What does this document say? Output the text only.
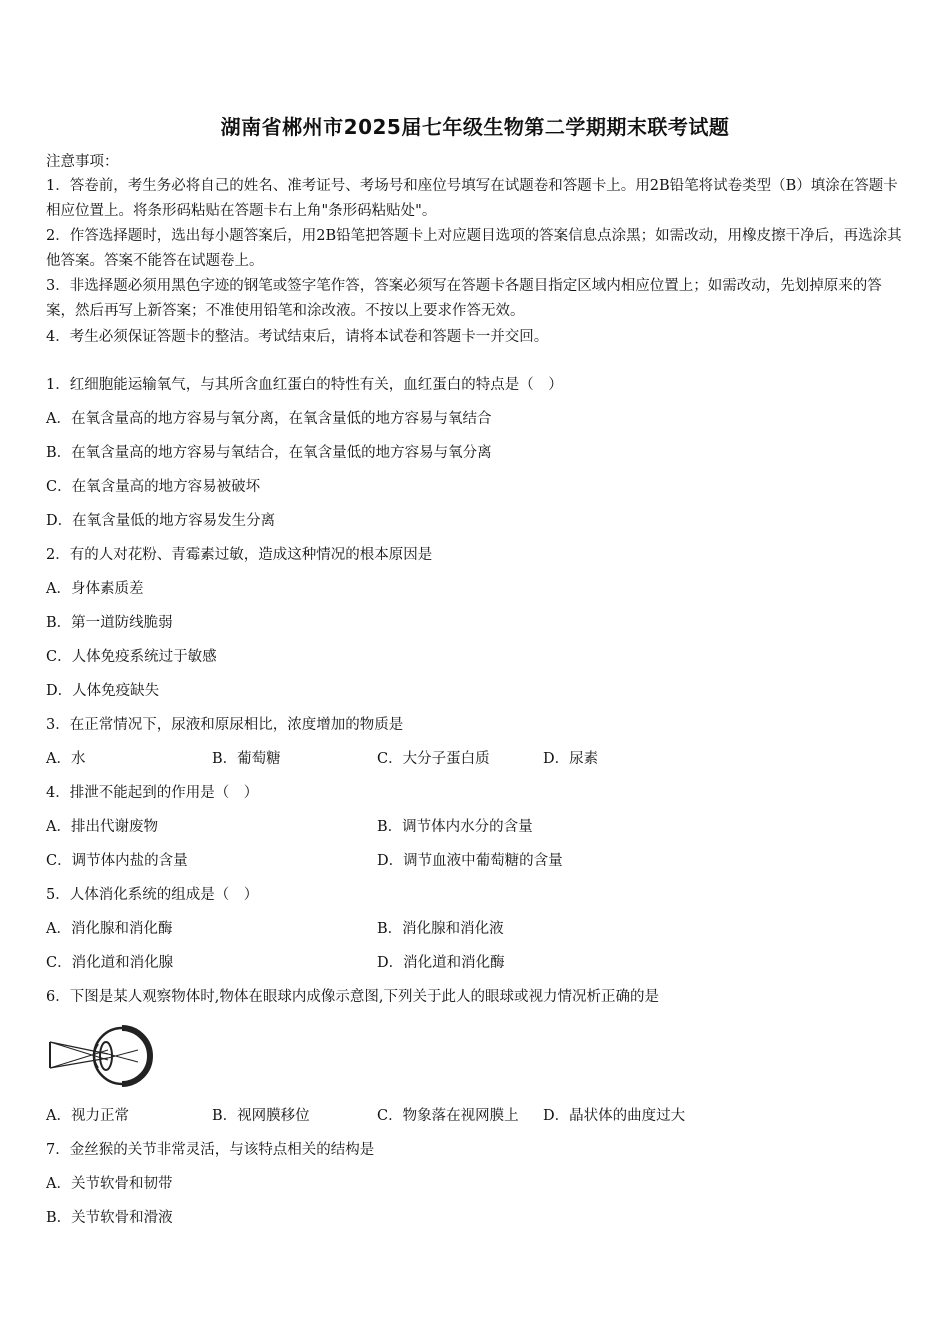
湖南省郴州市2025届七年级生物第二学期期末联考试题
注意事项：
1．答卷前，考生务必将自己的姓名、准考证号、考场号和座位号填写在试题卷和答题卡上。用2B铅笔将试卷类型（B）填涂在答题卡相应位置上。将条形码粘贴在答题卡右上角"条形码粘贴处"。
2．作答选择题时，选出每小题答案后，用2B铅笔把答题卡上对应题目选项的答案信息点涂黑；如需改动，用橡皮擦干净后，再选涂其他答案。答案不能答在试题卷上。
3．非选择题必须用黑色字迹的钢笔或签字笔作答，答案必须写在答题卡各题目指定区域内相应位置上；如需改动，先划掉原来的答案，然后再写上新答案；不准使用铅笔和涂改液。不按以上要求作答无效。
4．考生必须保证答题卡的整洁。考试结束后，请将本试卷和答题卡一并交回。
1．红细胞能运输氧气，与其所含血红蛋白的特性有关，血红蛋白的特点是（　）
A．在氧含量高的地方容易与氧分离，在氧含量低的地方容易与氧结合
B．在氧含量高的地方容易与氧结合，在氧含量低的地方容易与氧分离
C．在氧含量高的地方容易被破坏
D．在氧含量低的地方容易发生分离
2．有的人对花粉、青霉素过敏，造成这种情况的根本原因是
A．身体素质差
B．第一道防线脆弱
C．人体免疫系统过于敏感
D．人体免疫缺失
3．在正常情况下，尿液和原尿相比，浓度增加的物质是
A．水	B．葡萄糖	C．大分子蛋白质	D．尿素
4．排泄不能起到的作用是（　）
A．排出代谢废物	B．调节体内水分的含量
C．调节体内盐的含量	D．调节血液中葡萄糖的含量
5．人体消化系统的组成是（　）
A．消化腺和消化酶	B．消化腺和消化液
C．消化道和消化腺	D．消化道和消化酶
6．下图是某人观察物体时,物体在眼球内成像示意图,下列关于此人的眼球或视力情况析正确的是
A．视力正常	B．视网膜移位	C．物象落在视网膜上 D．晶状体的曲度过大
7．金丝猴的关节非常灵活，与该特点相关的结构是
A．关节软骨和韧带
B．关节软骨和滑液
